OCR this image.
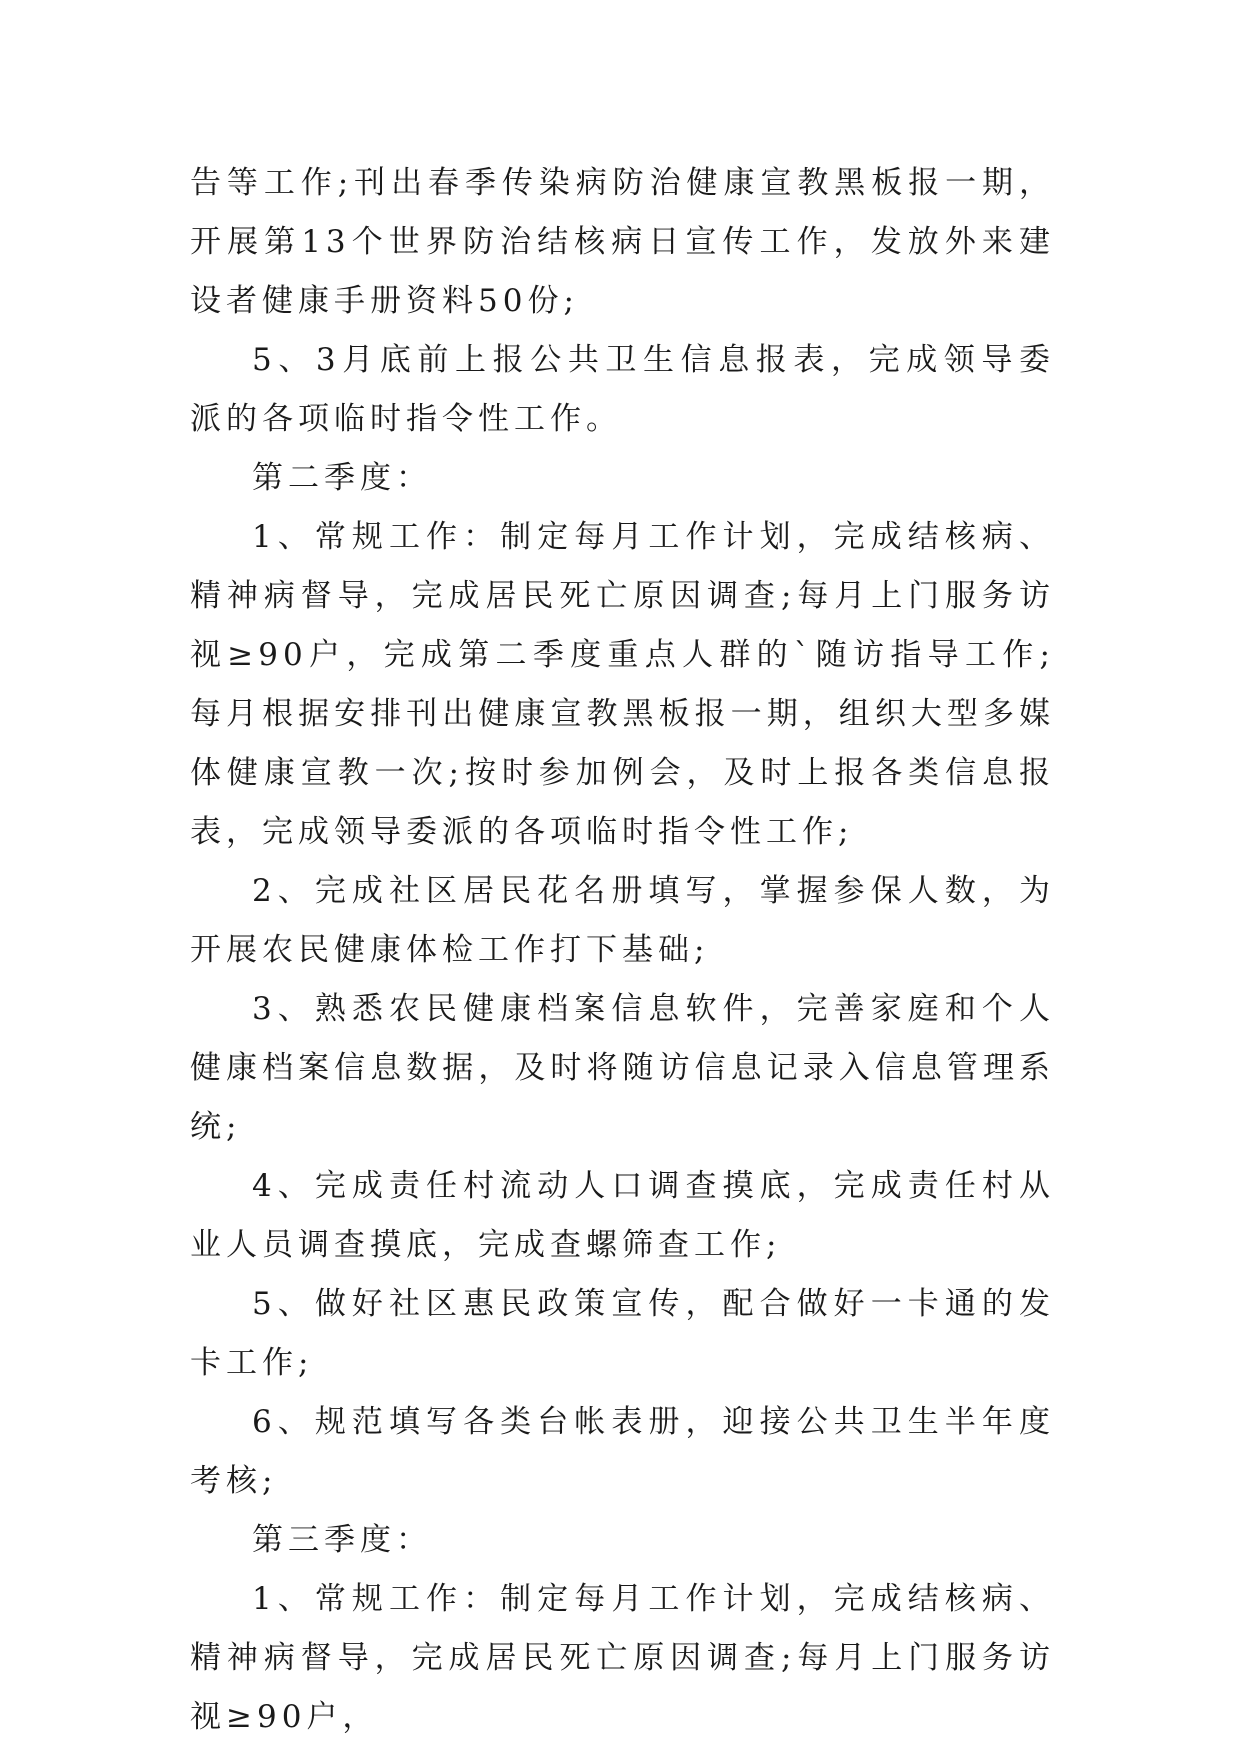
告等工作;刊出春季传染病防治健康宣教黑板报一期，开展第13个世界防治结核病日宣传工作，发放外来建设者健康手册资料50份;

5、3月底前上报公共卫生信息报表，完成领导委派的各项临时指令性工作。

第二季度：

1、常规工作：制定每月工作计划，完成结核病、精神病督导，完成居民死亡原因调查;每月上门服务访视≥90户，完成第二季度重点人群的`随访指导工作;每月根据安排刊出健康宣教黑板报一期，组织大型多媒体健康宣教一次;按时参加例会，及时上报各类信息报表，完成领导委派的各项临时指令性工作;

2、完成社区居民花名册填写，掌握参保人数，为开展农民健康体检工作打下基础;

3、熟悉农民健康档案信息软件，完善家庭和个人健康档案信息数据，及时将随访信息记录入信息管理系统;

4、完成责任村流动人口调查摸底，完成责任村从业人员调查摸底，完成查螺筛查工作;

5、做好社区惠民政策宣传，配合做好一卡通的发卡工作;

6、规范填写各类台帐表册，迎接公共卫生半年度考核;

第三季度：

1、常规工作：制定每月工作计划，完成结核病、精神病督导，完成居民死亡原因调查;每月上门服务访视≥90户，
